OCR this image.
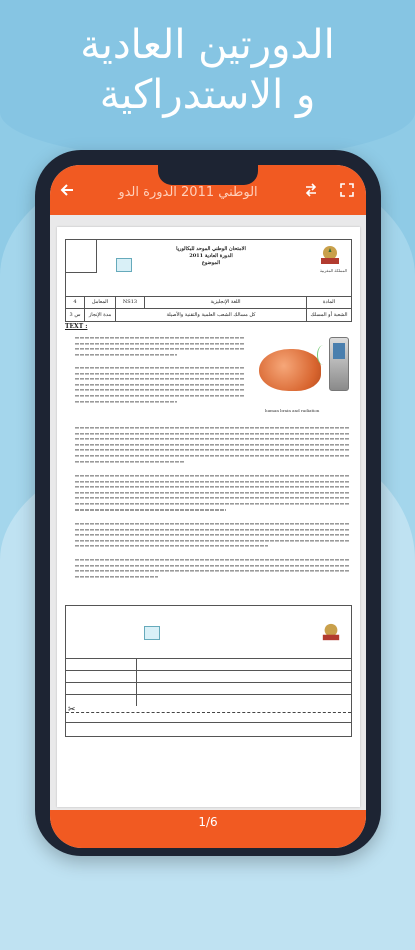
الدورتين العادية
و الاستدراكية
الوطني 2011 الدورة الدو
الامتحان الوطني الموحد للبكالوريا
الدورة العادية 2011
الموضوع
المملكة المغربية
4	المعامل	NS13	اللغة الإنجليزية	المادة
3 س	مدة الإنجاز	كل مسالك الشعب العلمية والتقنية والأصيلة	الشعبة أو المسلك
TEXT :
human brain and radiation
✂
1/6
